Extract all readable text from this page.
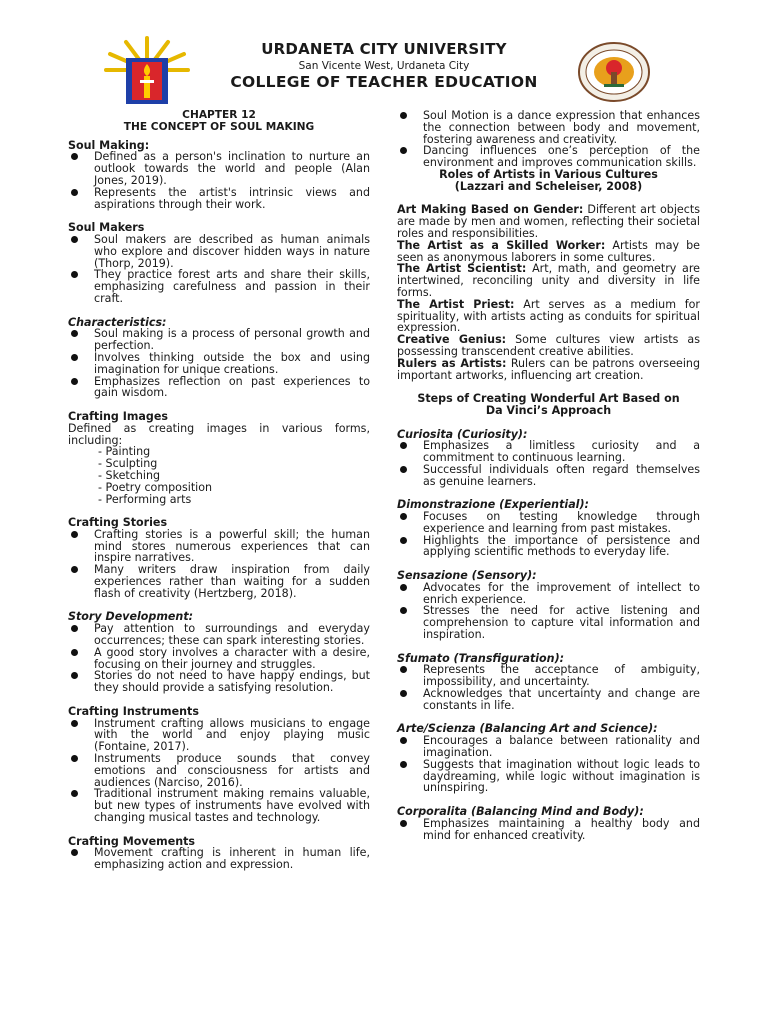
URDANETA CITY UNIVERSITY
San Vicente West, Urdaneta City
COLLEGE OF TEACHER EDUCATION
CHAPTER 12
THE CONCEPT OF SOUL MAKING
Soul Making:
Defined as a person's inclination to nurture an outlook towards the world and people (Alan Jones, 2019).
Represents the artist's intrinsic views and aspirations through their work.
Soul Makers
Soul makers are described as human animals who explore and discover hidden ways in nature (Thorp, 2019).
They practice forest arts and share their skills, emphasizing carefulness and passion in their craft.
Characteristics:
Soul making is a process of personal growth and perfection.
Involves thinking outside the box and using imagination for unique creations.
Emphasizes reflection on past experiences to gain wisdom.
Crafting Images

Defined as creating images in various forms, including:

- Painting
- Sculpting
- Sketching
- Poetry composition
- Performing arts
Crafting Stories
Crafting stories is a powerful skill; the human mind stores numerous experiences that can inspire narratives.
Many writers draw inspiration from daily experiences rather than waiting for a sudden flash of creativity (Hertzberg, 2018).
Story Development:
Pay attention to surroundings and everyday occurrences; these can spark interesting stories.
A good story involves a character with a desire, focusing on their journey and struggles.
Stories do not need to have happy endings, but they should provide a satisfying resolution.
Crafting Instruments
Instrument crafting allows musicians to engage with the world and enjoy playing music (Fontaine, 2017).
Instruments produce sounds that convey emotions and consciousness for artists and audiences (Narciso, 2016).
Traditional instrument making remains valuable, but new types of instruments have evolved with changing musical tastes and technology.
Crafting Movements
Movement crafting is inherent in human life, emphasizing action and expression.
Soul Motion is a dance expression that enhances the connection between body and movement, fostering awareness and creativity.
Dancing influences one’s perception of the environment and improves communication skills.
Roles of Artists in Various Cultures
(Lazzari and Scheleiser, 2008)

Art Making Based on Gender: Different art objects are made by men and women, reflecting their societal roles and responsibilities.

The Artist as a Skilled Worker: Artists may be seen as anonymous laborers in some cultures.

The Artist Scientist: Art, math, and geometry are intertwined, reconciling unity and diversity in life forms.

The Artist Priest: Art serves as a medium for spirituality, with artists acting as conduits for spiritual expression.

Creative Genius: Some cultures view artists as possessing transcendent creative abilities.

Rulers as Artists: Rulers can be patrons overseeing important artworks, influencing art creation.

Steps of Creating Wonderful Art Based on
Da Vinci’s Approach
Curiosita (Curiosity):
Emphasizes a limitless curiosity and a commitment to continuous learning.
Successful individuals often regard themselves as genuine learners.
Dimonstrazione (Experiential):
Focuses on testing knowledge through experience and learning from past mistakes.
Highlights the importance of persistence and applying scientific methods to everyday life.
Sensazione (Sensory):
Advocates for the improvement of intellect to enrich experience.
Stresses the need for active listening and comprehension to capture vital information and inspiration.
Sfumato (Transfiguration):
Represents the acceptance of ambiguity, impossibility, and uncertainty.
Acknowledges that uncertainty and change are constants in life.
Arte/Scienza (Balancing Art and Science):
Encourages a balance between rationality and imagination.
Suggests that imagination without logic leads to daydreaming, while logic without imagination is uninspiring.
Corporalita (Balancing Mind and Body):
Emphasizes maintaining a healthy body and mind for enhanced creativity.
